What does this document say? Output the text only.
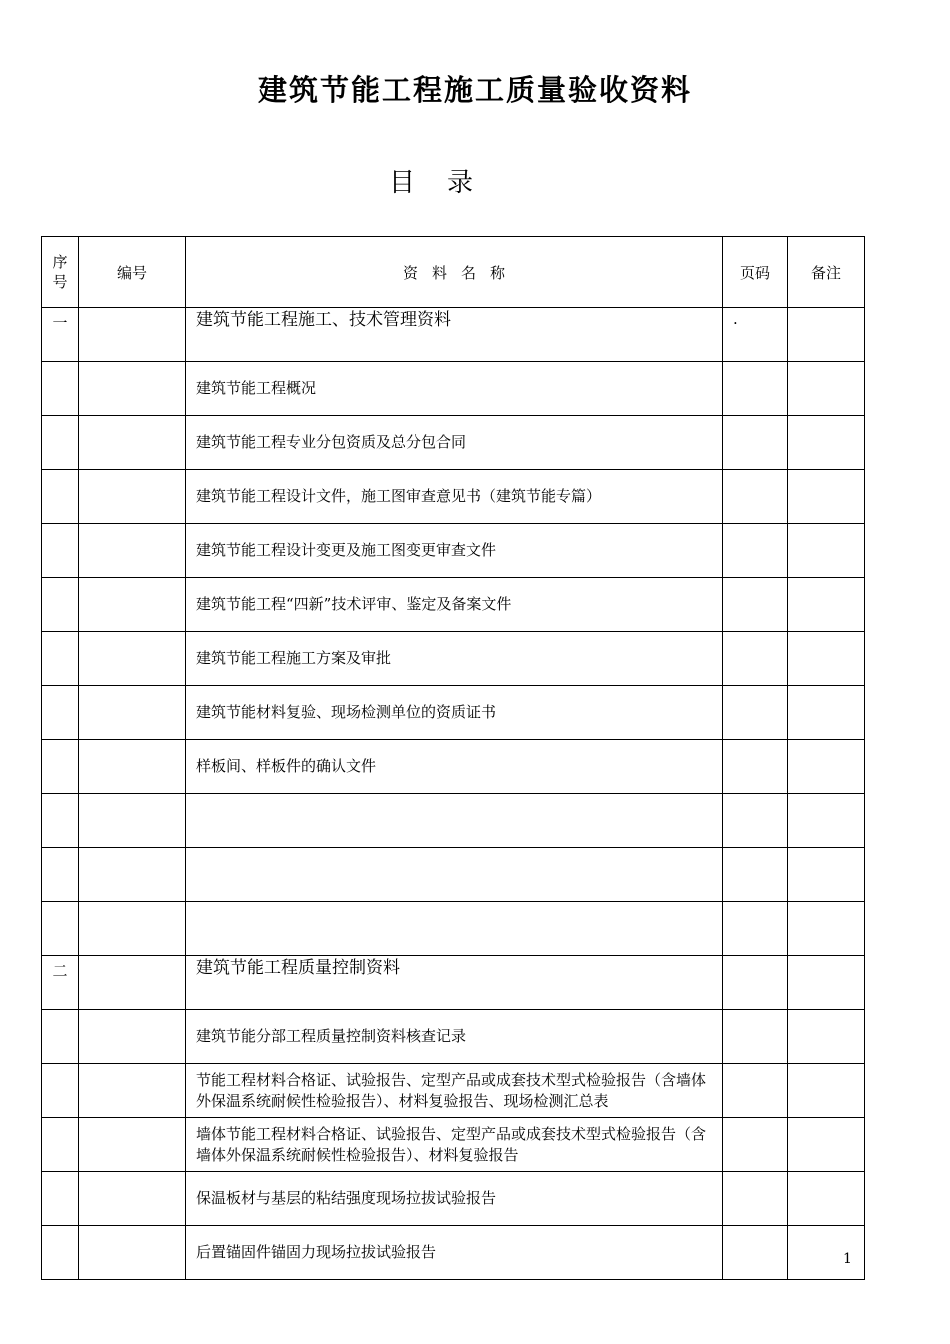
建筑节能工程施工质量验收资料
目 录
序
号	编号	资料名称	页码	备注
一		建筑节能工程施工、技术管理资料	.	
		建筑节能工程概况		
		建筑节能工程专业分包资质及总分包合同		
		建筑节能工程设计文件，施工图审查意见书（建筑节能专篇）		
		建筑节能工程设计变更及施工图变更审查文件		
		建筑节能工程“四新”技术评审、鉴定及备案文件		
		建筑节能工程施工方案及审批		
		建筑节能材料复验、现场检测单位的资质证书		
		样板间、样板件的确认文件		

二		建筑节能工程质量控制资料		
		建筑节能分部工程质量控制资料核查记录		
		节能工程材料合格证、试验报告、定型产品或成套技术型式检验报告（含墙体外保温系统耐候性检验报告）、材料复验报告、现场检测汇总表		
		墙体节能工程材料合格证、试验报告、定型产品或成套技术型式检验报告（含墙体外保温系统耐候性检验报告）、材料复验报告		
		保温板材与基层的粘结强度现场拉拔试验报告		
		后置锚固件锚固力现场拉拔试验报告			1
